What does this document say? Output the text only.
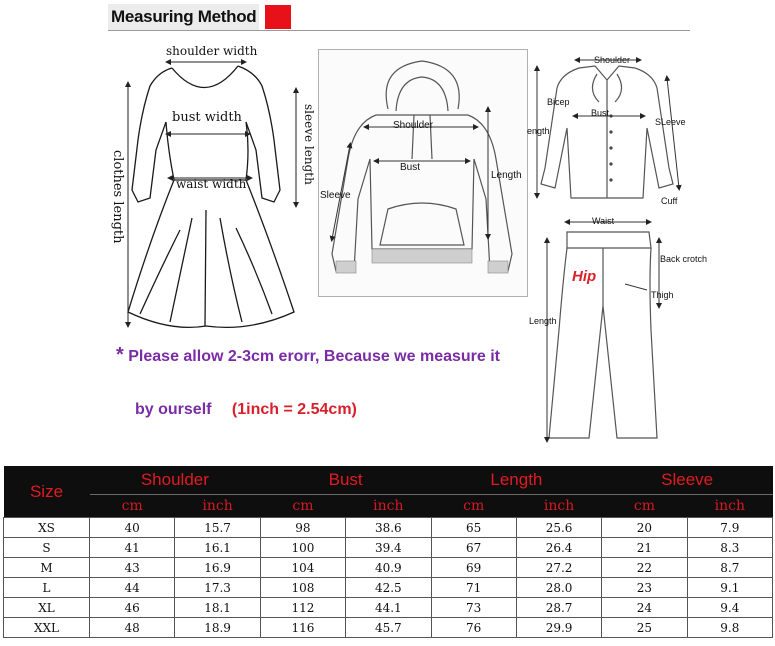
Measuring Method
shoulder width
bust width
waist width	sleeve length
clothes length
Shoulder
Bust
Sleeve
Length
Shoulder
Bicep
Bust
SLeeve
ength
Cuff
Waist
Back crotch
Hip
Thigh
Length
* Please allow 2-3cm erorr, Because we measure it
by ourself (1inch = 2.54cm)
Size	Shoulder		Bust		Length		Sleeve	
	cm	inch	cm	inch	cm	inch	cm	inch
XS	40	15.7	98	38.6	65	25.6	20	7.9
S	41	16.1	100	39.4	67	26.4	21	8.3
M	43	16.9	104	40.9	69	27.2	22	8.7
L	44	17.3	108	42.5	71	28.0	23	9.1
XL	46	18.1	112	44.1	73	28.7	24	9.4
XXL	48	18.9	116	45.7	76	29.9	25	9.8
